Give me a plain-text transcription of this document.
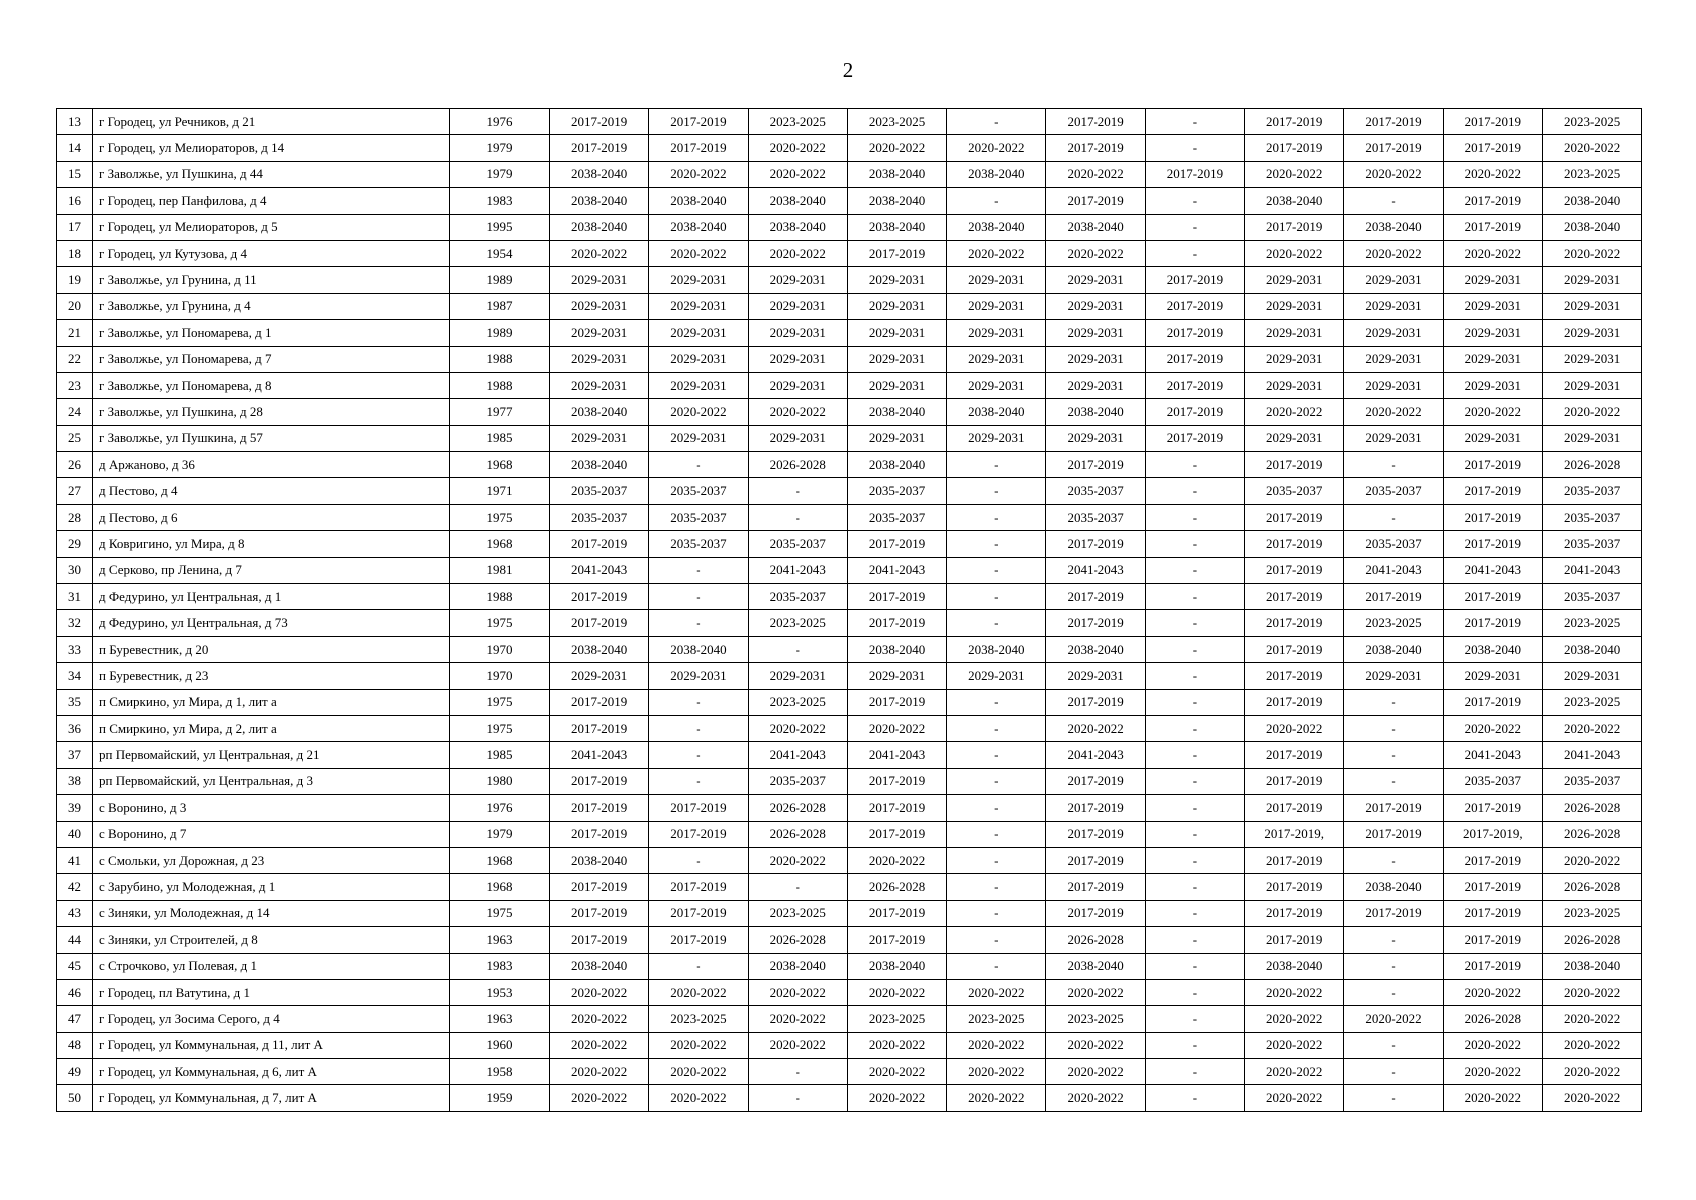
2
13	г Городец, ул Речников, д 21	1976	2017-2019	2017-2019	2023-2025	2023-2025	-	2017-2019	-	2017-2019	2017-2019	2017-2019	2023-2025
14	г Городец, ул Мелиораторов, д 14	1979	2017-2019	2017-2019	2020-2022	2020-2022	2020-2022	2017-2019	-	2017-2019	2017-2019	2017-2019	2020-2022
15	г Заволжье, ул Пушкина, д 44	1979	2038-2040	2020-2022	2020-2022	2038-2040	2038-2040	2020-2022	2017-2019	2020-2022	2020-2022	2020-2022	2023-2025
16	г Городец, пер Панфилова, д 4	1983	2038-2040	2038-2040	2038-2040	2038-2040	-	2017-2019	-	2038-2040	-	2017-2019	2038-2040
17	г Городец, ул Мелиораторов, д 5	1995	2038-2040	2038-2040	2038-2040	2038-2040	2038-2040	2038-2040	-	2017-2019	2038-2040	2017-2019	2038-2040
18	г Городец, ул Кутузова, д 4	1954	2020-2022	2020-2022	2020-2022	2017-2019	2020-2022	2020-2022	-	2020-2022	2020-2022	2020-2022	2020-2022
19	г Заволжье, ул Грунина, д 11	1989	2029-2031	2029-2031	2029-2031	2029-2031	2029-2031	2029-2031	2017-2019	2029-2031	2029-2031	2029-2031	2029-2031
20	г Заволжье, ул Грунина, д 4	1987	2029-2031	2029-2031	2029-2031	2029-2031	2029-2031	2029-2031	2017-2019	2029-2031	2029-2031	2029-2031	2029-2031
21	г Заволжье, ул Пономарева, д 1	1989	2029-2031	2029-2031	2029-2031	2029-2031	2029-2031	2029-2031	2017-2019	2029-2031	2029-2031	2029-2031	2029-2031
22	г Заволжье, ул Пономарева, д 7	1988	2029-2031	2029-2031	2029-2031	2029-2031	2029-2031	2029-2031	2017-2019	2029-2031	2029-2031	2029-2031	2029-2031
23	г Заволжье, ул Пономарева, д 8	1988	2029-2031	2029-2031	2029-2031	2029-2031	2029-2031	2029-2031	2017-2019	2029-2031	2029-2031	2029-2031	2029-2031
24	г Заволжье, ул Пушкина, д 28	1977	2038-2040	2020-2022	2020-2022	2038-2040	2038-2040	2038-2040	2017-2019	2020-2022	2020-2022	2020-2022	2020-2022
25	г Заволжье, ул Пушкина, д 57	1985	2029-2031	2029-2031	2029-2031	2029-2031	2029-2031	2029-2031	2017-2019	2029-2031	2029-2031	2029-2031	2029-2031
26	д Аржаново, д 36	1968	2038-2040	-	2026-2028	2038-2040	-	2017-2019	-	2017-2019	-	2017-2019	2026-2028
27	д Пестово, д 4	1971	2035-2037	2035-2037	-	2035-2037	-	2035-2037	-	2035-2037	2035-2037	2017-2019	2035-2037
28	д Пестово, д 6	1975	2035-2037	2035-2037	-	2035-2037	-	2035-2037	-	2017-2019	-	2017-2019	2035-2037
29	д Ковригино, ул Мира, д 8	1968	2017-2019	2035-2037	2035-2037	2017-2019	-	2017-2019	-	2017-2019	2035-2037	2017-2019	2035-2037
30	д Серково, пр Ленина, д 7	1981	2041-2043	-	2041-2043	2041-2043	-	2041-2043	-	2017-2019	2041-2043	2041-2043	2041-2043
31	д Федурино, ул Центральная, д 1	1988	2017-2019	-	2035-2037	2017-2019	-	2017-2019	-	2017-2019	2017-2019	2017-2019	2035-2037
32	д Федурино, ул Центральная, д 73	1975	2017-2019	-	2023-2025	2017-2019	-	2017-2019	-	2017-2019	2023-2025	2017-2019	2023-2025
33	п Буревестник, д 20	1970	2038-2040	2038-2040	-	2038-2040	2038-2040	2038-2040	-	2017-2019	2038-2040	2038-2040	2038-2040
34	п Буревестник, д 23	1970	2029-2031	2029-2031	2029-2031	2029-2031	2029-2031	2029-2031	-	2017-2019	2029-2031	2029-2031	2029-2031
35	п Смиркино, ул Мира, д 1, лит а	1975	2017-2019	-	2023-2025	2017-2019	-	2017-2019	-	2017-2019	-	2017-2019	2023-2025
36	п Смиркино, ул Мира, д 2, лит а	1975	2017-2019	-	2020-2022	2020-2022	-	2020-2022	-	2020-2022	-	2020-2022	2020-2022
37	рп Первомайский, ул Центральная, д 21	1985	2041-2043	-	2041-2043	2041-2043	-	2041-2043	-	2017-2019	-	2041-2043	2041-2043
38	рп Первомайский, ул Центральная, д 3	1980	2017-2019	-	2035-2037	2017-2019	-	2017-2019	-	2017-2019	-	2035-2037	2035-2037
39	с Воронино, д 3	1976	2017-2019	2017-2019	2026-2028	2017-2019	-	2017-2019	-	2017-2019	2017-2019	2017-2019	2026-2028
40	с Воронино, д 7	1979	2017-2019	2017-2019	2026-2028	2017-2019	-	2017-2019	-	2017-2019,	2017-2019	2017-2019,	2026-2028
41	с Смольки, ул Дорожная, д 23	1968	2038-2040	-	2020-2022	2020-2022	-	2017-2019	-	2017-2019	-	2017-2019	2020-2022
42	с Зарубино, ул Молодежная, д 1	1968	2017-2019	2017-2019	-	2026-2028	-	2017-2019	-	2017-2019	2038-2040	2017-2019	2026-2028
43	с Зиняки, ул Молодежная, д 14	1975	2017-2019	2017-2019	2023-2025	2017-2019	-	2017-2019	-	2017-2019	2017-2019	2017-2019	2023-2025
44	с Зиняки, ул Строителей, д 8	1963	2017-2019	2017-2019	2026-2028	2017-2019	-	2026-2028	-	2017-2019	-	2017-2019	2026-2028
45	с Строчково, ул Полевая, д 1	1983	2038-2040	-	2038-2040	2038-2040	-	2038-2040	-	2038-2040	-	2017-2019	2038-2040
46	г Городец, пл Ватутина, д 1	1953	2020-2022	2020-2022	2020-2022	2020-2022	2020-2022	2020-2022	-	2020-2022	-	2020-2022	2020-2022
47	г Городец, ул Зосима Серого, д 4	1963	2020-2022	2023-2025	2020-2022	2023-2025	2023-2025	2023-2025	-	2020-2022	2020-2022	2026-2028	2020-2022
48	г Городец, ул Коммунальная, д 11, лит А	1960	2020-2022	2020-2022	2020-2022	2020-2022	2020-2022	2020-2022	-	2020-2022	-	2020-2022	2020-2022
49	г Городец, ул Коммунальная, д 6, лит А	1958	2020-2022	2020-2022	-	2020-2022	2020-2022	2020-2022	-	2020-2022	-	2020-2022	2020-2022
50	г Городец, ул Коммунальная, д 7, лит А	1959	2020-2022	2020-2022	-	2020-2022	2020-2022	2020-2022	-	2020-2022	-	2020-2022	2020-2022
